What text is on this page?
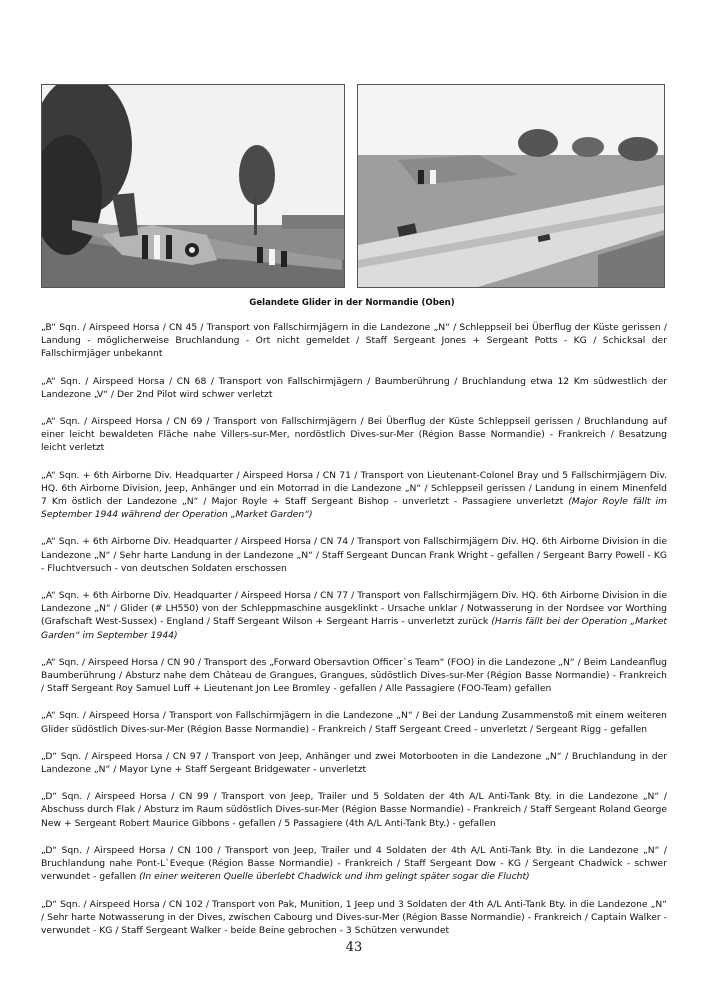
Gelandete Glider in der Normandie (Oben)

„B“ Sqn. / Airspeed Horsa / CN 45 / Transport von Fallschirmjägern in die Landezone „N“ / Schleppseil bei Überflug der Küste gerissen / Landung - möglicherweise Bruchlandung - Ort nicht gemeldet / Staff Sergeant Jones + Sergeant Potts - KG / Schicksal der Fallschirmjäger unbekannt

„A“ Sqn. / Airspeed Horsa / CN 68 / Transport von Fallschirmjägern / Baumberührung / Bruchlandung etwa 12 Km südwestlich der Landezone „V“ / Der 2nd Pilot wird schwer verletzt

„A“ Sqn. / Airspeed Horsa / CN 69 / Transport von Fallschirmjägern / Bei Überflug der Küste Schleppseil gerissen / Bruchlandung auf einer leicht bewaldeten Fläche nahe Villers-sur-Mer, nordöstlich Dives-sur-Mer (Région Basse Normandie) - Frankreich / Besatzung leicht verletzt

„A“ Sqn. + 6th Airborne Div. Headquarter / Airspeed Horsa / CN 71 / Transport von Lieutenant-Colonel Bray und 5 Fallschirmjägern Div. HQ. 6th Airborne Division, Jeep, Anhänger und ein Motorrad in die Landezone „N“ / Schleppseil gerissen / Landung in einem Minenfeld 7 Km östlich der Landezone „N“ / Major Royle + Staff Sergeant Bishop - unverletzt - Passagiere unverletzt (Major Royle fällt im September 1944 während der Operation „Market Garden“)

„A“ Sqn. + 6th Airborne Div. Headquarter / Airspeed Horsa / CN 74 / Transport von Fallschirmjägern Div. HQ. 6th Airborne Division in die Landezone „N“ / Sehr harte Landung in der Landezone „N“ / Staff Sergeant Duncan Frank Wright - gefallen / Sergeant Barry Powell - KG - Fluchtversuch - von deutschen Soldaten erschossen

„A“ Sqn. + 6th Airborne Div. Headquarter / Airspeed Horsa / CN 77 / Transport von Fallschirmjägern Div. HQ. 6th Airborne Division in die Landezone „N“ / Glider (# LH550) von der Schleppmaschine ausgeklinkt - Ursache unklar / Notwasserung in der Nordsee vor Worthing (Grafschaft West-Sussex) - England / Staff Sergeant Wilson + Sergeant Harris - unverletzt zurück (Harris fällt bei der Operation „Market Garden“ im September 1944)

„A“ Sqn. / Airspeed Horsa / CN 90 / Transport des „Forward Obersavtion Officer`s Team“ (FOO) in die Landezone „N“ / Beim Landeanflug Baumberührung / Absturz nahe dem Château de Grangues, Grangues, südöstlich Dives-sur-Mer (Région Basse Normandie) - Frankreich / Staff Sergeant Roy Samuel Luff + Lieutenant Jon Lee Bromley - gefallen / Alle Passagiere (FOO-Team) gefallen

„A“ Sqn. / Airspeed Horsa / Transport von Fallschirmjägern in die Landezone „N“ / Bei der Landung Zusammenstoß mit einem weiteren Glider südöstlich Dives-sur-Mer (Région Basse Normandie) - Frankreich / Staff Sergeant Creed - unverletzt / Sergeant Rigg - gefallen

„D“ Sqn. / Airspeed Horsa / CN 97 / Transport von Jeep, Anhänger und zwei Motorbooten in die Landezone „N“ / Bruchlandung in der Landezone „N“ / Mayor Lyne + Staff Sergeant Bridgewater - unverletzt

„D“ Sqn. / Airspeed Horsa / CN 99 / Transport von Jeep, Trailer und 5 Soldaten der 4th A/L Anti-Tank Bty. in die Landezone „N“ / Abschuss durch Flak / Absturz im Raum südöstlich Dives-sur-Mer (Région Basse Normandie) - Frankreich / Staff Sergeant Roland George New + Sergeant Robert Maurice Gibbons - gefallen / 5 Passagiere (4th A/L Anti-Tank Bty.) - gefallen

„D“ Sqn. / Airspeed Horsa / CN 100 / Transport von Jeep, Trailer und 4 Soldaten der 4th A/L Anti-Tank Bty. in die Landezone „N“ / Bruchlandung nahe Pont-L`Eveque (Région Basse Normandie) - Frankreich / Staff Sergeant Dow - KG / Sergeant Chadwick - schwer verwundet - gefallen (In einer weiteren Quelle überlebt Chadwick und ihm gelingt später sogar die Flucht)

„D“ Sqn. / Airspeed Horsa / CN 102 / Transport von Pak, Munition, 1 Jeep und 3 Soldaten der 4th A/L Anti-Tank Bty. in die Landezone „N“ / Sehr harte Notwasserung in der Dives, zwischen Cabourg und Dives-sur-Mer (Région Basse Normandie) - Frankreich / Captain Walker - verwundet - KG / Staff Sergeant Walker - beide Beine gebrochen - 3 Schützen verwundet

43
